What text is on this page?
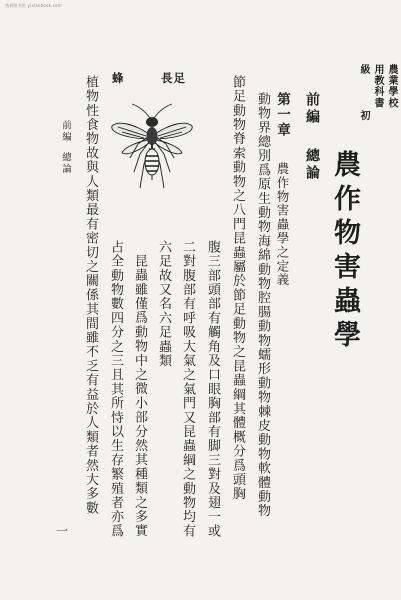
秀荷图书馆 yixianbook.com
農業學校
用教科書
級　初
農作物害蟲學
前編
總論
第一章
農作物害蟲學之定義
動物界總別爲原生動物海綿動物腔腸動物蠕形動物棘皮動物軟體動物
節足動物脊索動物之八門昆蟲屬於節足動物之昆蟲綱其體概分爲頭胸
腹三部頭部有觸角及口眼胸部有脚三對及翅一或
二對腹部有呼吸大氣之氣門又昆蟲綱之動物均有
六足故又名六足蟲類
昆蟲雖僅爲動物中之微小部分然其種類之多實
占全動物數四分之三且其所恃以生存繁殖者亦爲
植物性食物故與人類最有密切之關係其間雖不乏有益於人類者然大多數
前編
總論
一
長足
蜂
